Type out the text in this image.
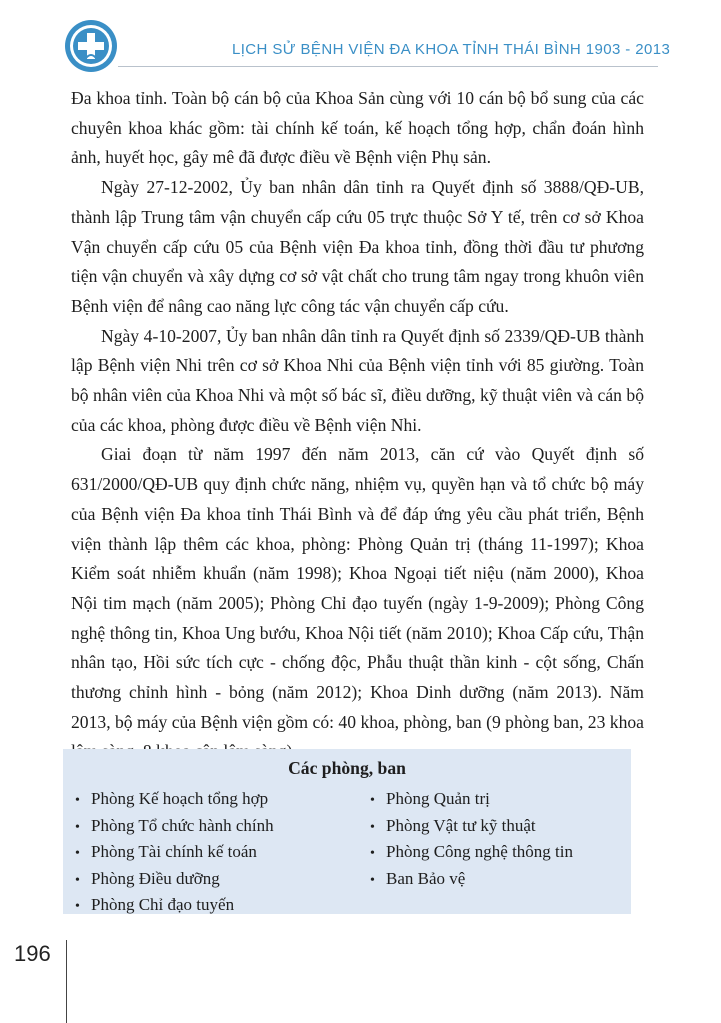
LỊCH SỬ BỆNH VIỆN ĐA KHOA TỈNH THÁI BÌNH 1903 - 2013

Đa khoa tỉnh. Toàn bộ cán bộ của Khoa Sản cùng với 10 cán bộ bổ sung của các chuyên khoa khác gồm: tài chính kế toán, kế hoạch tổng hợp, chẩn đoán hình ảnh, huyết học, gây mê đã được điều về Bệnh viện Phụ sản.

Ngày 27-12-2002, Ủy ban nhân dân tỉnh ra Quyết định số 3888/QĐ-UB, thành lập Trung tâm vận chuyển cấp cứu 05 trực thuộc Sở Y tế, trên cơ sở Khoa Vận chuyển cấp cứu 05 của Bệnh viện Đa khoa tỉnh, đồng thời đầu tư phương tiện vận chuyển và xây dựng cơ sở vật chất cho trung tâm ngay trong khuôn viên Bệnh viện để nâng cao năng lực công tác vận chuyển cấp cứu.

Ngày 4-10-2007, Ủy ban nhân dân tỉnh ra Quyết định số 2339/QĐ-UB thành lập Bệnh viện Nhi trên cơ sở Khoa Nhi của Bệnh viện tỉnh với 85 giường. Toàn bộ nhân viên của Khoa Nhi và một số bác sĩ, điều dưỡng, kỹ thuật viên và cán bộ của các khoa, phòng được điều về Bệnh viện Nhi.

Giai đoạn từ năm 1997 đến năm 2013, căn cứ vào Quyết định số 631/2000/QĐ-UB quy định chức năng, nhiệm vụ, quyền hạn và tổ chức bộ máy của Bệnh viện Đa khoa tỉnh Thái Bình và để đáp ứng yêu cầu phát triển, Bệnh viện thành lập thêm các khoa, phòng: Phòng Quản trị (tháng 11-1997); Khoa Kiểm soát nhiễm khuẩn (năm 1998); Khoa Ngoại tiết niệu (năm 2000), Khoa Nội tim mạch (năm 2005); Phòng Chỉ đạo tuyến (ngày 1-9-2009); Phòng Công nghệ thông tin, Khoa Ung bướu, Khoa Nội tiết (năm 2010); Khoa Cấp cứu, Thận nhân tạo, Hồi sức tích cực - chống độc, Phẫu thuật thần kinh - cột sống, Chấn thương chỉnh hình - bỏng (năm 2012); Khoa Dinh dưỡng (năm 2013). Năm 2013, bộ máy của Bệnh viện gồm có: 40 khoa, phòng, ban (9 phòng ban, 23 khoa

Các phòng, ban
• Phòng Kế hoạch tổng hợp
• Phòng Tổ chức hành chính
• Phòng Tài chính kế toán
• Phòng Điều dưỡng
• Phòng Chỉ đạo tuyến
• Phòng Quản trị
• Phòng Vật tư kỹ thuật
• Phòng Công nghệ thông tin
• Ban Bảo vệ
196
